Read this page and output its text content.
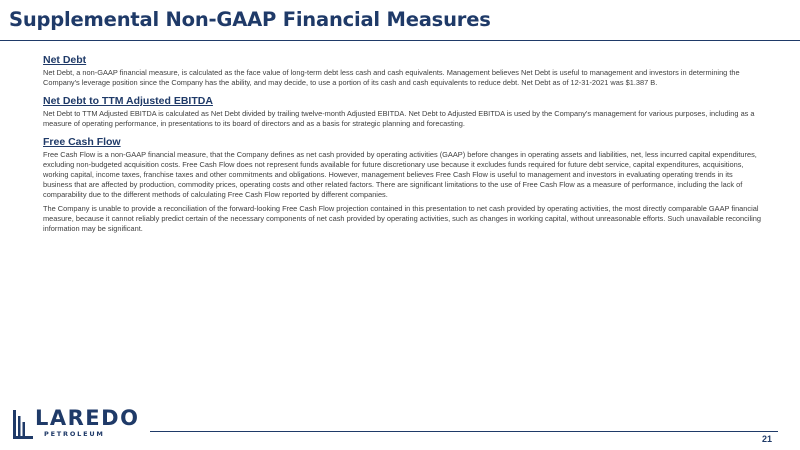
Supplemental Non-GAAP Financial Measures

Net Debt

Net Debt, a non-GAAP financial measure, is calculated as the face value of long-term debt less cash and cash equivalents. Management believes Net Debt is useful to management and investors in determining the Company's leverage position since the Company has the ability, and may decide, to use a portion of its cash and cash equivalents to reduce debt. Net Debt as of 12-31-2021 was $1.387 B.

Net Debt to TTM Adjusted EBITDA

Net Debt to TTM Adjusted EBITDA is calculated as Net Debt divided by trailing twelve-month Adjusted EBITDA. Net Debt to Adjusted EBITDA is used by the Company's management for various purposes, including as a measure of operating performance, in presentations to its board of directors and as a basis for strategic planning and forecasting.

Free Cash Flow

Free Cash Flow is a non-GAAP financial measure, that the Company defines as net cash provided by operating activities (GAAP) before changes in operating assets and liabilities, net, less incurred capital expenditures, excluding non-budgeted acquisition costs. Free Cash Flow does not represent funds available for future discretionary use because it excludes funds required for future debt service, capital expenditures, acquisitions, working capital, income taxes, franchise taxes and other commitments and obligations. However, management believes Free Cash Flow is useful to management and investors in evaluating operating trends in its business that are affected by production, commodity prices, operating costs and other related factors. There are significant limitations to the use of Free Cash Flow as a measure of performance, including the lack of comparability due to the different methods of calculating Free Cash Flow reported by different companies.

The Company is unable to provide a reconciliation of the forward-looking Free Cash Flow projection contained in this presentation to net cash provided by operating activities, the most directly comparable GAAP financial measure, because it cannot reliably predict certain of the necessary components of net cash provided by operating activities, such as changes in working capital, without unreasonable efforts. Such unavailable reconciling information may be significant.

LAREDO
PETROLEUM	21
